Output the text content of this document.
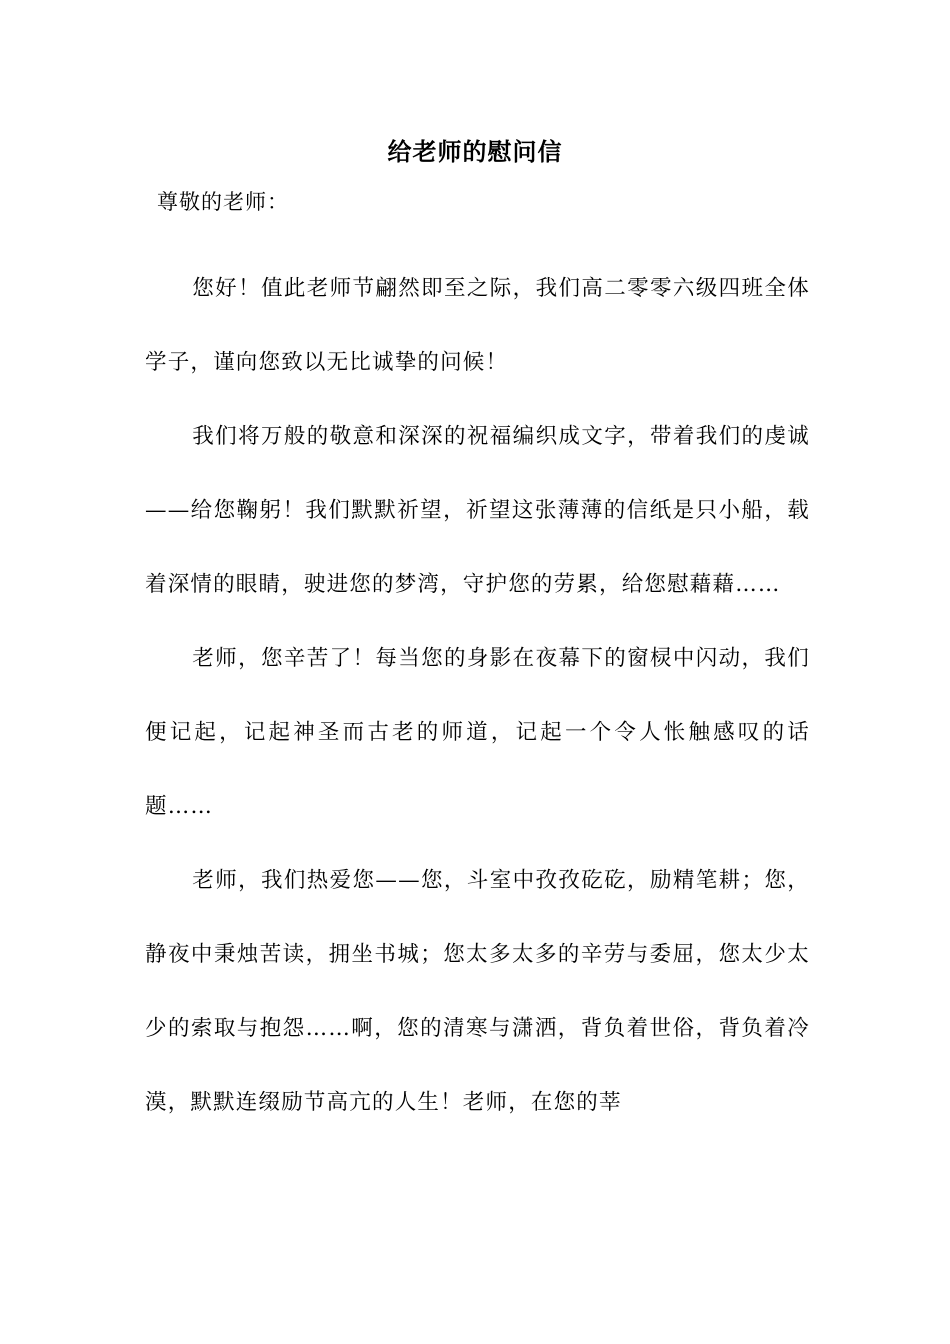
给老师的慰问信
尊敬的老师：

您好！值此老师节翩然即至之际，我们高二零零六级四班全体学子，谨向您致以无比诚挚的问候！

我们将万般的敬意和深深的祝福编织成文字，带着我们的虔诚——给您鞠躬！我们默默祈望，祈望这张薄薄的信纸是只小船，载着深情的眼睛，驶进您的梦湾，守护您的劳累，给您慰藉藉……

老师，您辛苦了！每当您的身影在夜幕下的窗棂中闪动，我们便记起，记起神圣而古老的师道，记起一个令人怅触感叹的话题……

老师，我们热爱您——您，斗室中孜孜矻矻，励精笔耕；您，静夜中秉烛苦读，拥坐书城；您太多太多的辛劳与委屈，您太少太少的索取与抱怨……啊，您的清寒与潇洒，背负着世俗，背负着冷漠，默默连缀励节高亢的人生！老师，在您的莘
